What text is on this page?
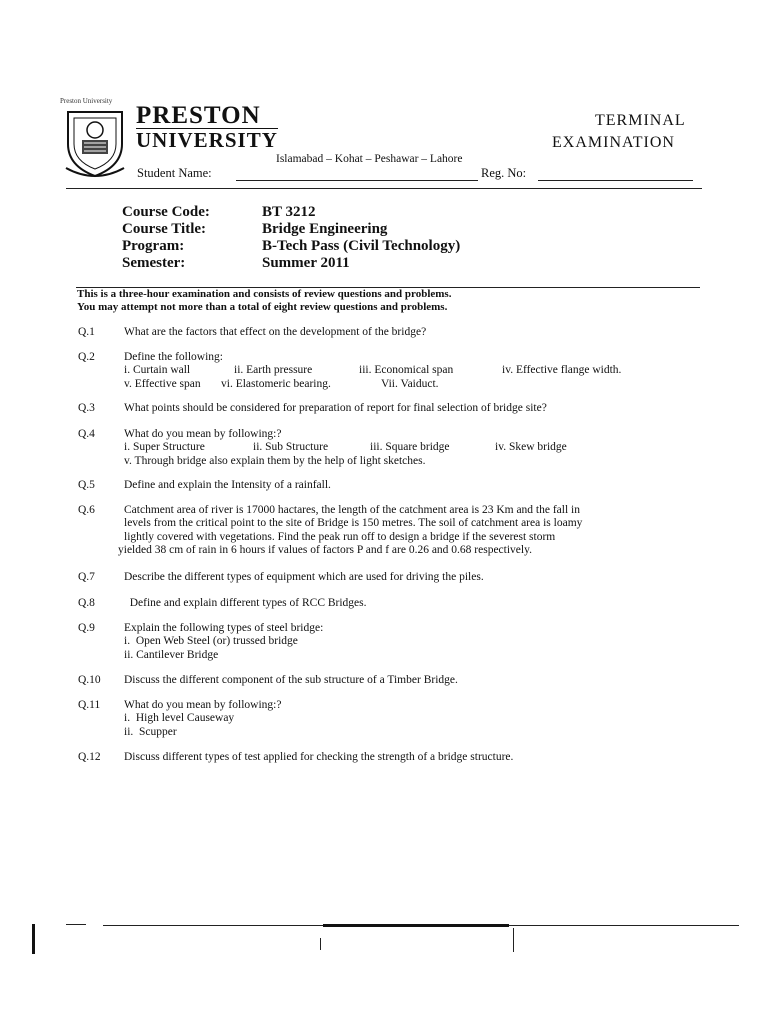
Preston University
PRESTON
UNIVERSITY
TERMINAL
EXAMINATION
Islamabad – Kohat – Peshawar – Lahore
Student Name:	Reg. No:
Course Code:	BT 3212
Course Title:	Bridge Engineering
Program:	B-Tech Pass (Civil Technology)
Semester:	Summer 2011
This is a three-hour examination and consists of review questions and problems.
You may attempt not more than a total of eight review questions and problems.
Q.1	What are the factors that effect on the development of the bridge?
Q.2	Define the following:
i. Curtain wall	ii. Earth pressure	iii. Economical span	iv. Effective flange width.
v. Effective span	vi. Elastomeric bearing.	Vii. Vaiduct.
Q.3	What points should be considered for preparation of report for final selection of bridge site?
Q.4	What do you mean by following:?
i. Super Structure	ii. Sub Structure	iii. Square bridge	iv. Skew bridge
v. Through bridge also explain them by the help of light sketches.
Q.5	Define and explain the Intensity of a rainfall.
Q.6	Catchment area of river is 17000 hactares, the length of the catchment area is 23 Km and the fall in
levels from the critical point to the site of Bridge is 150 metres. The soil of catchment area is loamy
lightly covered with vegetations. Find the peak run off to design a bridge if the severest storm
yielded 38 cm of rain in 6 hours if values of factors P and f are 0.26 and 0.68 respectively.
Q.7	Describe the different types of equipment which are used for driving the piles.
Q.8	Define and explain different types of RCC Bridges.
Q.9	Explain the following types of steel bridge:
i.  Open Web Steel (or) trussed bridge
ii. Cantilever Bridge
Q.10	Discuss the different component of the sub structure of a Timber Bridge.
Q.11	What do you mean by following:?
i.  High level Causeway
ii.  Scupper
Q.12	Discuss different types of test applied for checking the strength of a bridge structure.
